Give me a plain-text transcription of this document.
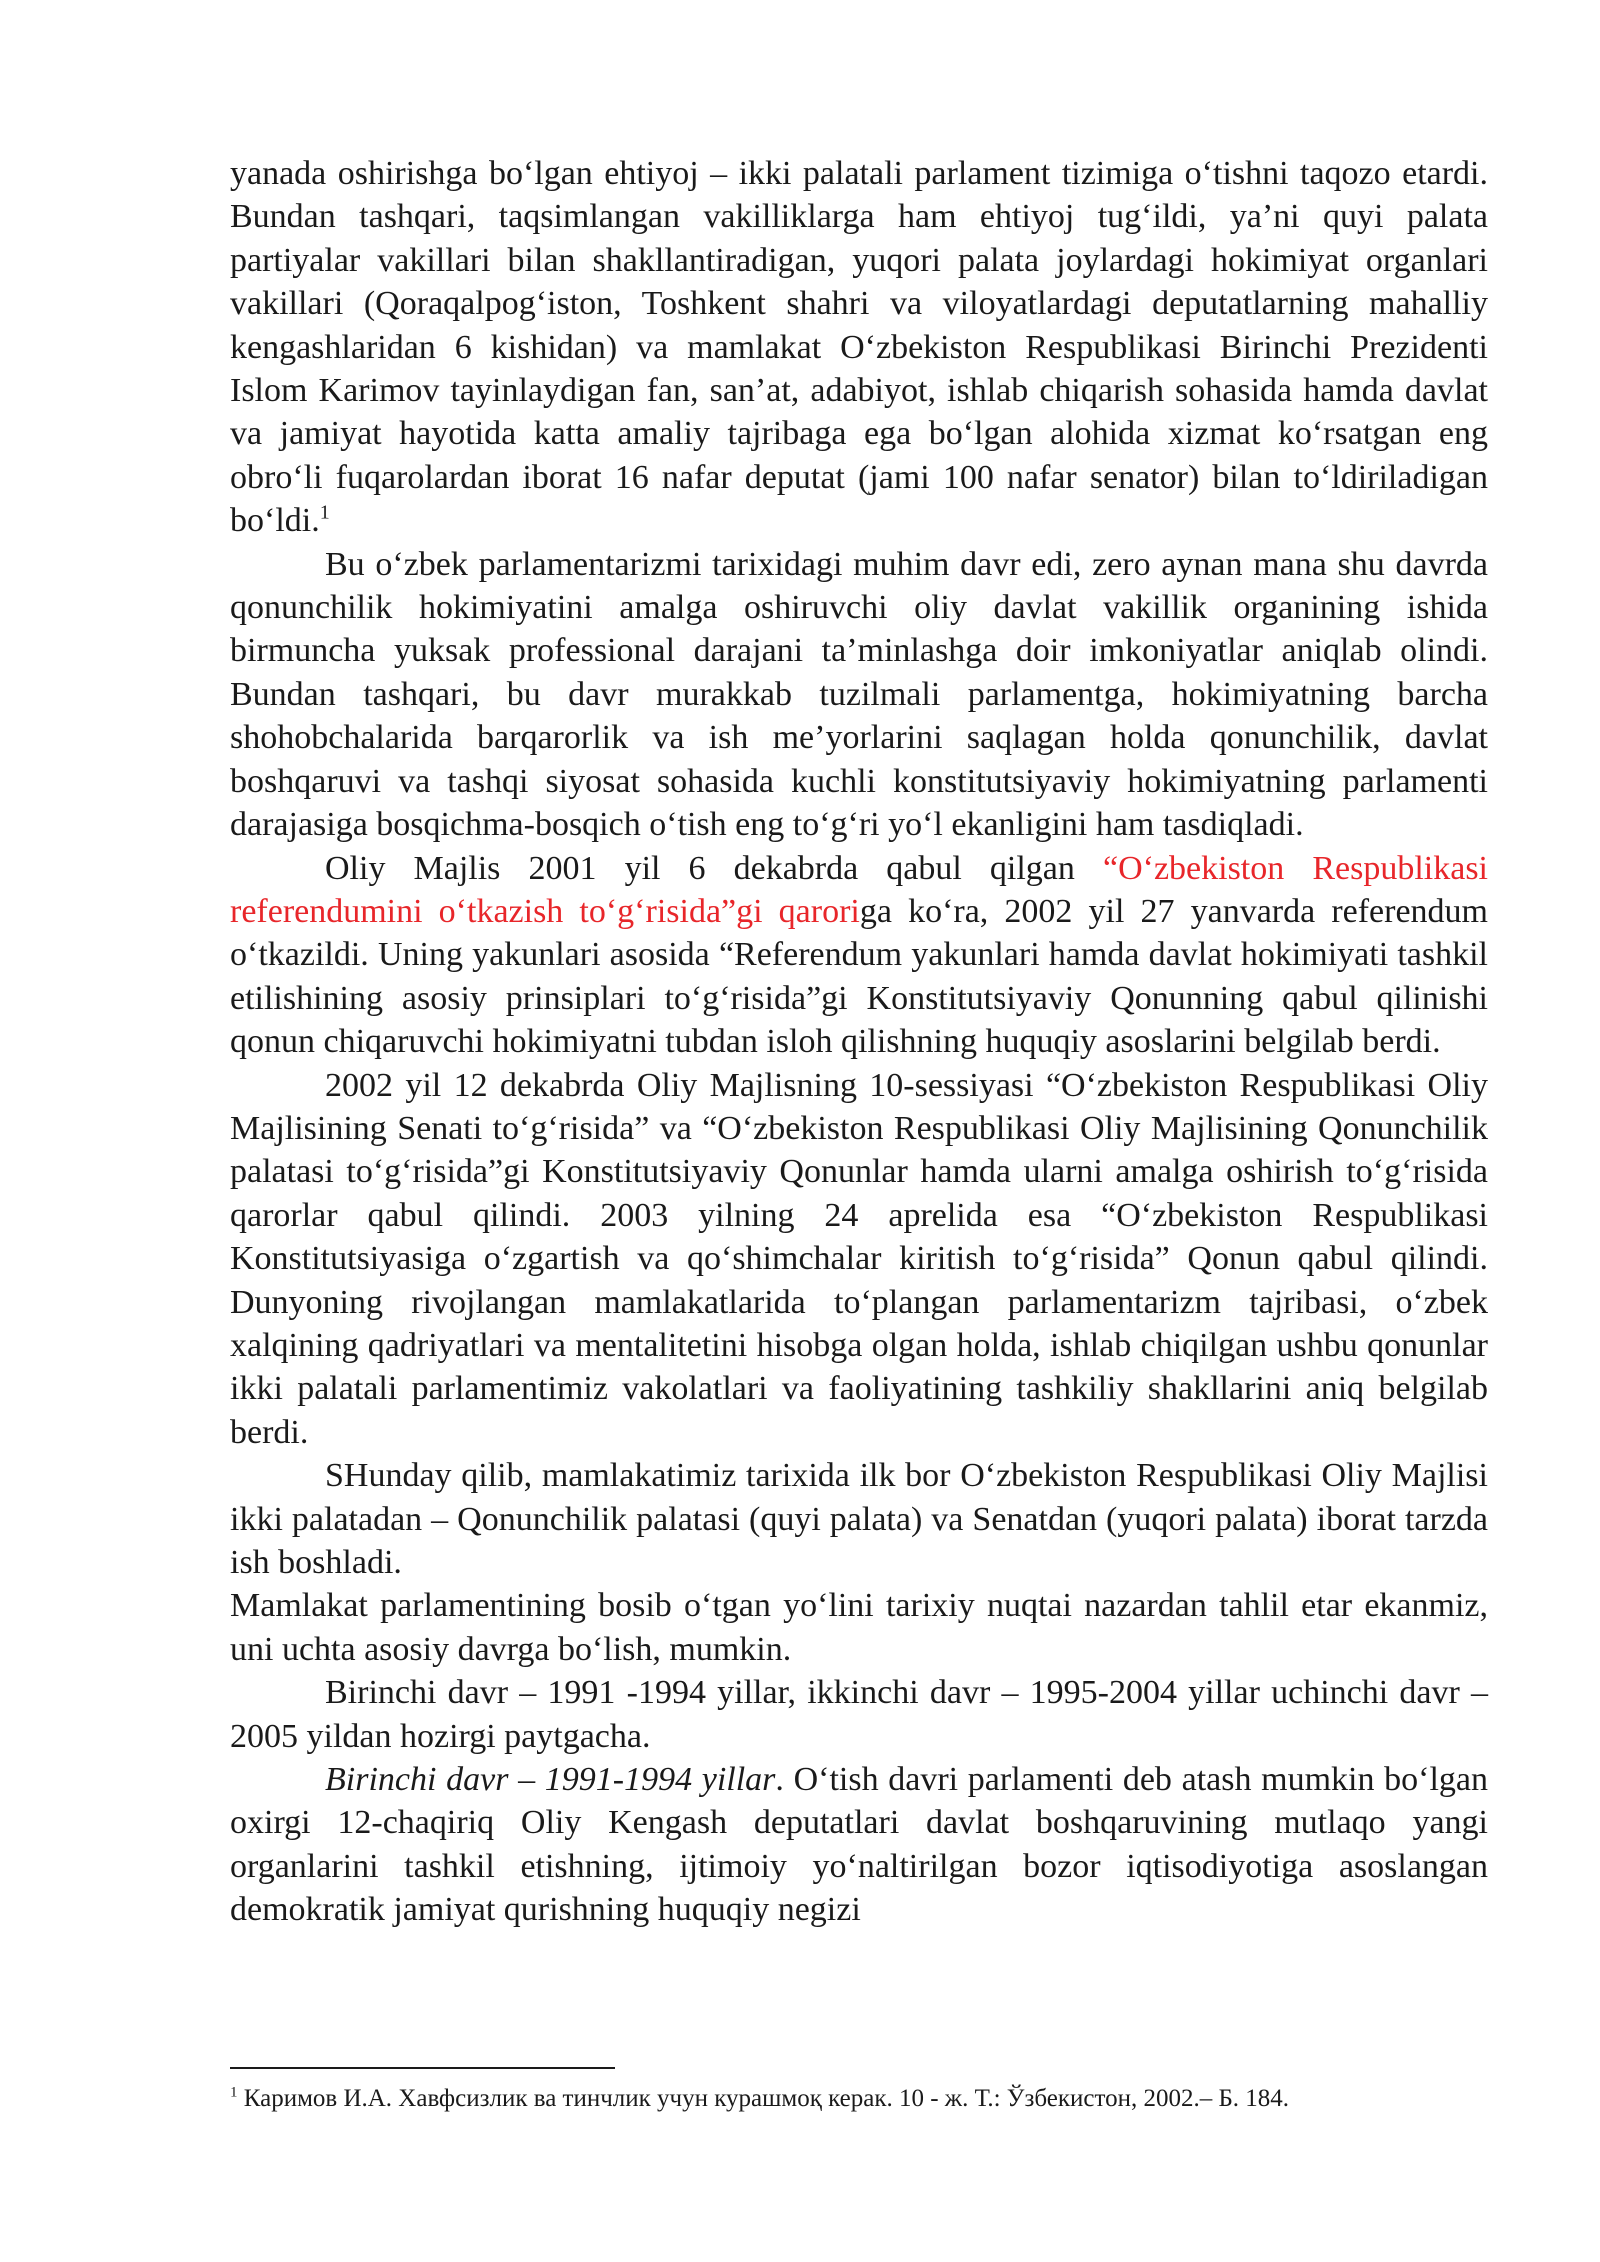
yanada oshirishga bo‘lgan ehtiyoj – ikki palatali parlament tizimiga o‘tishni taqozo etardi. Bundan tashqari, taqsimlangan vakilliklarga ham ehtiyoj tug‘ildi, ya’ni quyi palata partiyalar vakillari bilan shakllantiradigan, yuqori palata joylardagi hokimiyat organlari vakillari (Qoraqalpog‘iston, Toshkent shahri va viloyatlardagi deputatlarning mahalliy kengashlaridan 6 kishidan) va mamlakat O‘zbekiston Respublikasi Birinchi Prezidenti Islom Karimov tayinlaydigan fan, san’at, adabiyot, ishlab chiqarish sohasida hamda davlat va jamiyat hayotida katta amaliy tajribaga ega bo‘lgan alohida xizmat ko‘rsatgan eng obro‘li fuqarolardan iborat 16 nafar deputat (jami 100 nafar senator) bilan to‘ldiriladigan bo‘ldi.$^1$

Bu o‘zbek parlamentarizmi tarixidagi muhim davr edi, zero aynan mana shu davrda qonunchilik hokimiyatini amalga oshiruvchi oliy davlat vakillik organining ishida birmuncha yuksak professional darajani ta’minlashga doir imkoniyatlar aniqlab olindi. Bundan tashqari, bu davr murakkab tuzilmali parlamentga, hokimiyatning barcha shohobchalarida barqarorlik va ish me’yorlarini saqlagan holda qonunchilik, davlat boshqaruvi va tashqi siyosat sohasida kuchli konstitutsiyaviy hokimiyatning parlamenti darajasiga bosqichma-bosqich o‘tish eng to‘g‘ri yo‘l ekanligini ham tasdiqladi.

Oliy Majlis 2001 yil 6 dekabrda qabul qilgan “O‘zbekiston Respublikasi referendumini o‘tkazish to‘g‘risida”gi qaroriga ko‘ra, 2002 yil 27 yanvarda referendum o‘tkazildi. Uning yakunlari asosida “Referendum yakunlari hamda davlat hokimiyati tashkil etilishining asosiy prinsiplari to‘g‘risida”gi Konstitutsiyaviy Qonunning qabul qilinishi qonun chiqaruvchi hokimiyatni tubdan isloh qilishning huquqiy asoslarini belgilab berdi.

2002 yil 12 dekabrda Oliy Majlisning 10-sessiyasi “O‘zbekiston Respublikasi Oliy Majlisining Senati to‘g‘risida” va “O‘zbekiston Respublikasi Oliy Majlisining Qonunchilik palatasi to‘g‘risida”gi Konstitutsiyaviy Qonunlar hamda ularni amalga oshirish to‘g‘risida qarorlar qabul qilindi. 2003 yilning 24 aprelida esa “O‘zbekiston Respublikasi Konstitutsiyasiga o‘zgartish va qo‘shimchalar kiritish to‘g‘risida” Qonun qabul qilindi. Dunyoning rivojlangan mamlakatlarida to‘plangan parlamentarizm tajribasi, o‘zbek xalqining qadriyatlari va mentalitetini hisobga olgan holda, ishlab chiqilgan ushbu qonunlar ikki palatali parlamentimiz vakolatlari va faoliyatining tashkiliy shakllarini aniq belgilab berdi.

SHunday qilib, mamlakatimiz tarixida ilk bor O‘zbekiston Respublikasi Oliy Majlisi ikki palatadan – Qonunchilik palatasi (quyi palata) va Senatdan (yuqori palata) iborat tarzda ish boshladi.

Mamlakat parlamentining bosib o‘tgan yo‘lini tarixiy nuqtai nazardan tahlil etar ekanmiz, uni uchta asosiy davrga bo‘lish, mumkin.

Birinchi davr – 1991 -1994 yillar, ikkinchi davr – 1995-2004 yillar uchinchi davr – 2005 yildan hozirgi paytgacha.

Birinchi davr – 1991-1994 yillar. O‘tish davri parlamenti deb atash mumkin bo‘lgan oxirgi 12-chaqiriq Oliy Kengash deputatlari davlat boshqaruvining mutlaqo yangi organlarini tashkil etishning, ijtimoiy yo‘naltirilgan bozor iqtisodiyotiga asoslangan demokratik jamiyat qurishning huquqiy negizi

$^1$ Каримов И.А. Хавфсизлик ва тинчлик учун курашмоқ керак. 10 - ж. Т.: Ўзбекистон, 2002.– Б. 184.
